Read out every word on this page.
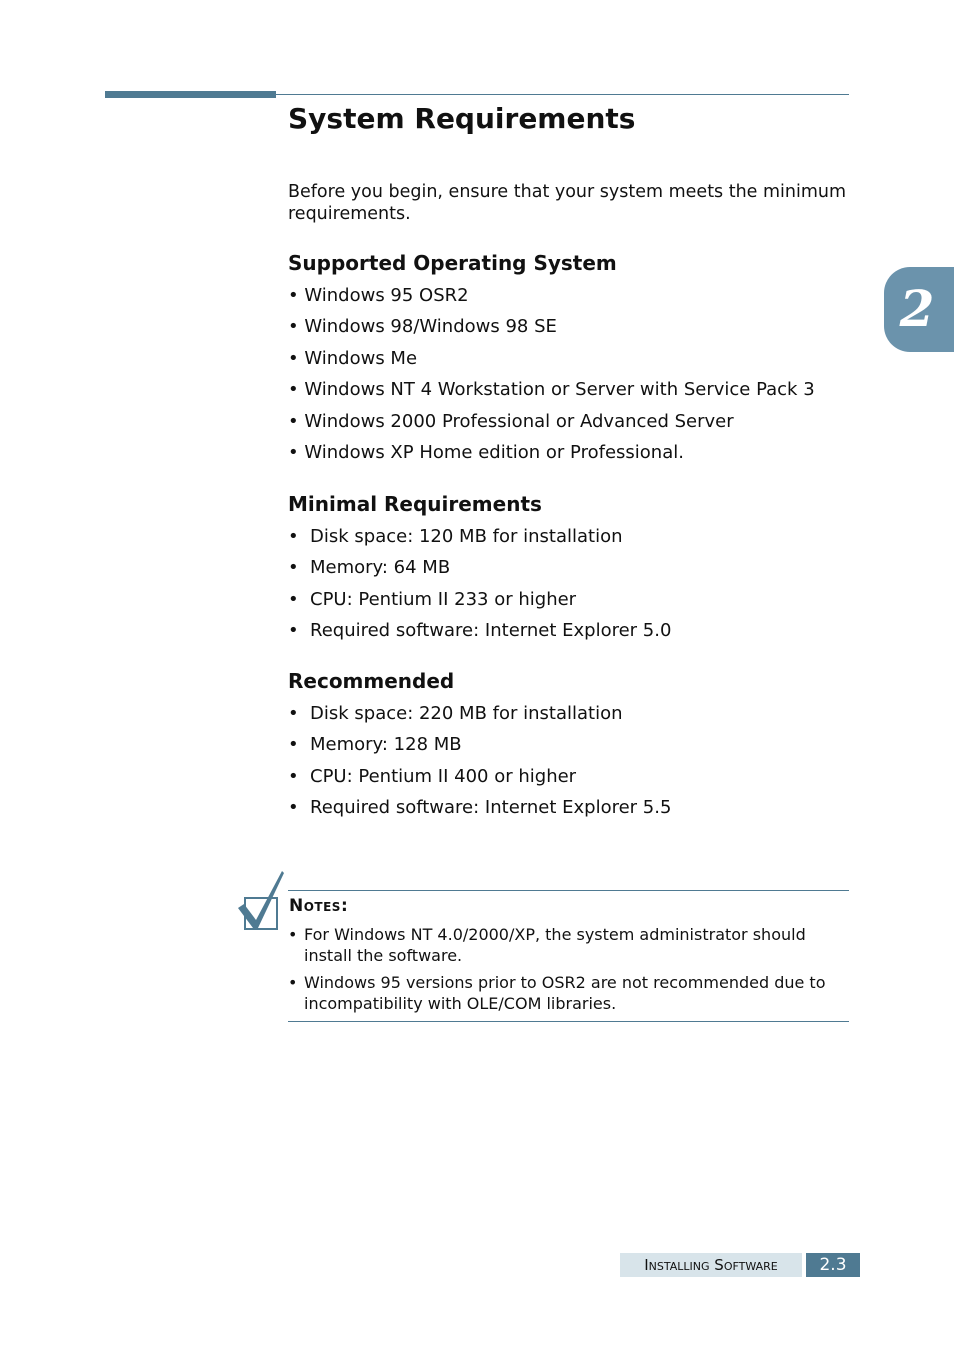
System Requirements

Before you begin, ensure that your system meets the minimum requirements.

2
Supported Operating System
• Windows 95 OSR2
• Windows 98/Windows 98 SE
• Windows Me
• Windows NT 4 Workstation or Server with Service Pack 3
• Windows 2000 Professional or Advanced Server
• Windows XP Home edition or Professional.
Minimal Requirements
• Disk space: 120 MB for installation
• Memory: 64 MB
• CPU: Pentium II 233 or higher
• Required software: Internet Explorer 5.0
Recommended
• Disk space: 220 MB for installation
• Memory: 128 MB
• CPU: Pentium II 400 or higher
• Required software: Internet Explorer 5.5
Notes:
• For Windows NT 4.0/2000/XP, the system administrator should install the software.
• Windows 95 versions prior to OSR2 are not recommended due to incompatibility with OLE/COM libraries.
Installing Software	2.3
